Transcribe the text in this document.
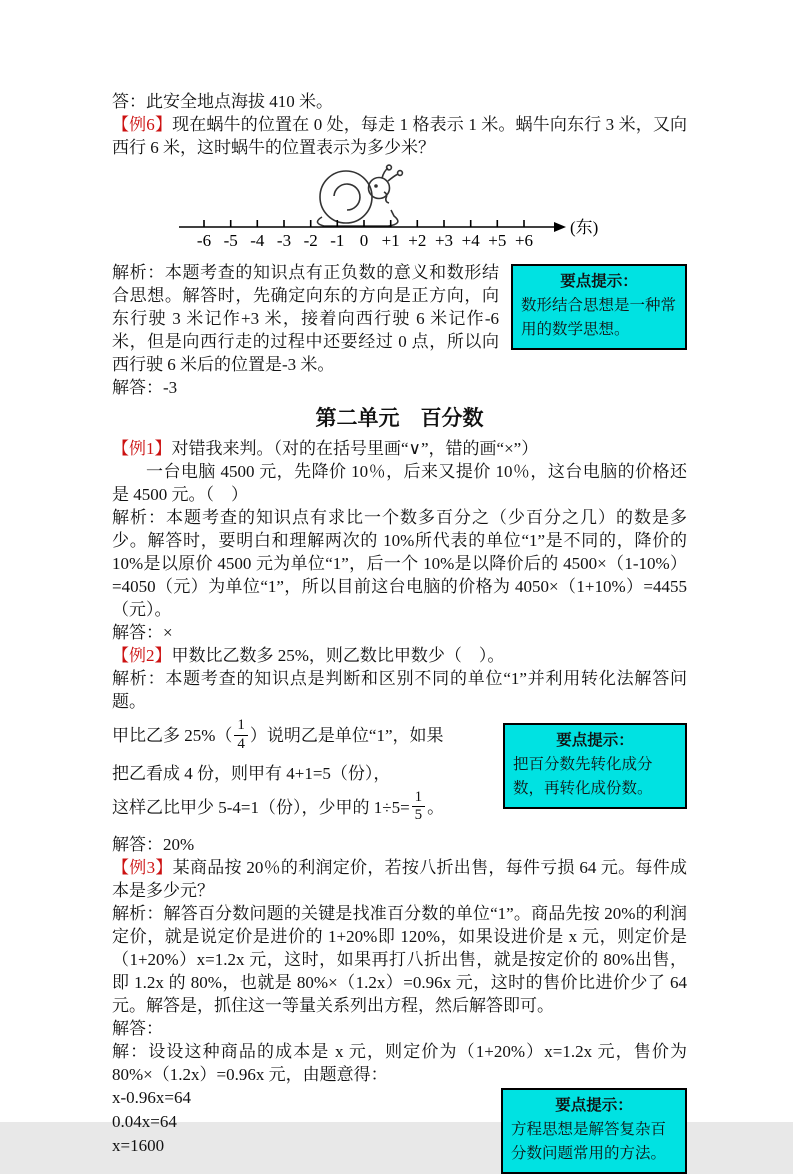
答：此安全地点海拔 410 米。

【例6】现在蜗牛的位置在 0 处，每走 1 格表示 1 米。蜗牛向东行 3 米，又向西行 6 米，这时蜗牛的位置表示为多少米？

-6 -5 -4 -3 -2 -1 0 +1 +2 +3 +4 +5 +6
(东)

解析：本题考查的知识点有正负数的意义和数形结合思想。解答时，先确定向东的方向是正方向，向东行驶 3 米记作+3 米，接着向西行驶 6 米记作-6 米，但是向西行走的过程中还要经过 0 点，所以向西行驶 6 米后的位置是-3 米。

要点提示：
数形结合思想是一种常用的数学思想。

解答：-3

第二单元　百分数

【例1】对错我来判。（对的在括号里画“∨”，错的画“×”）

一台电脑 4500 元，先降价 10％，后来又提价 10％，这台电脑的价格还是 4500 元。（　）

解析：本题考查的知识点有求比一个数多百分之（少百分之几）的数是多少。解答时，要明白和理解两次的 10%所代表的单位“1”是不同的，降价的 10%是以原价 4500 元为单位“1”，后一个 10%是以降价后的 4500×（1-10%）=4050（元）为单位“1”，所以目前这台电脑的价格为 4050×（1+10%）=4455（元）。

解答：×

【例2】甲数比乙数多 25%，则乙数比甲数少（　）。

解析：本题考查的知识点是判断和区别不同的单位“1”并利用转化法解答问题。

甲比乙多 $25\%( \frac{1}{4}$ ）说明乙是单位“1”，如果

把乙看成 4 份，则甲有 4+1=5（份），

这样乙比甲少 5-4=1（份），少甲的 $1\div 5= \frac{1}{5}$ 。

要点提示：
把百分数先转化成分数，再转化成份数。

解答：20%

【例3】某商品按 20％的利润定价，若按八折出售，每件亏损 64 元。每件成本是多少元？

解析：解答百分数问题的关键是找准百分数的单位“1”。商品先按 20%的利润定价，就是说定价是进价的 1+20%即 120%，如果设进价是 x 元，则定价是（1+20%）x=1.2x 元，这时，如果再打八折出售，就是按定价的 80%出售，即 1.2x 的 80%，也就是 80%×（1.2x）=0.96x 元，这时的售价比进价少了 64 元。解答是，抓住这一等量关系列出方程，然后解答即可。

解答：

解：设设这种商品的成本是 x 元，则定价为（1+20%）x=1.2x 元，售价为 80%×（1.2x）=0.96x 元，由题意得：

x-0.96x=64

0.04x=64

x=1600

要点提示：
方程思想是解答复杂百分数问题常用的方法。
